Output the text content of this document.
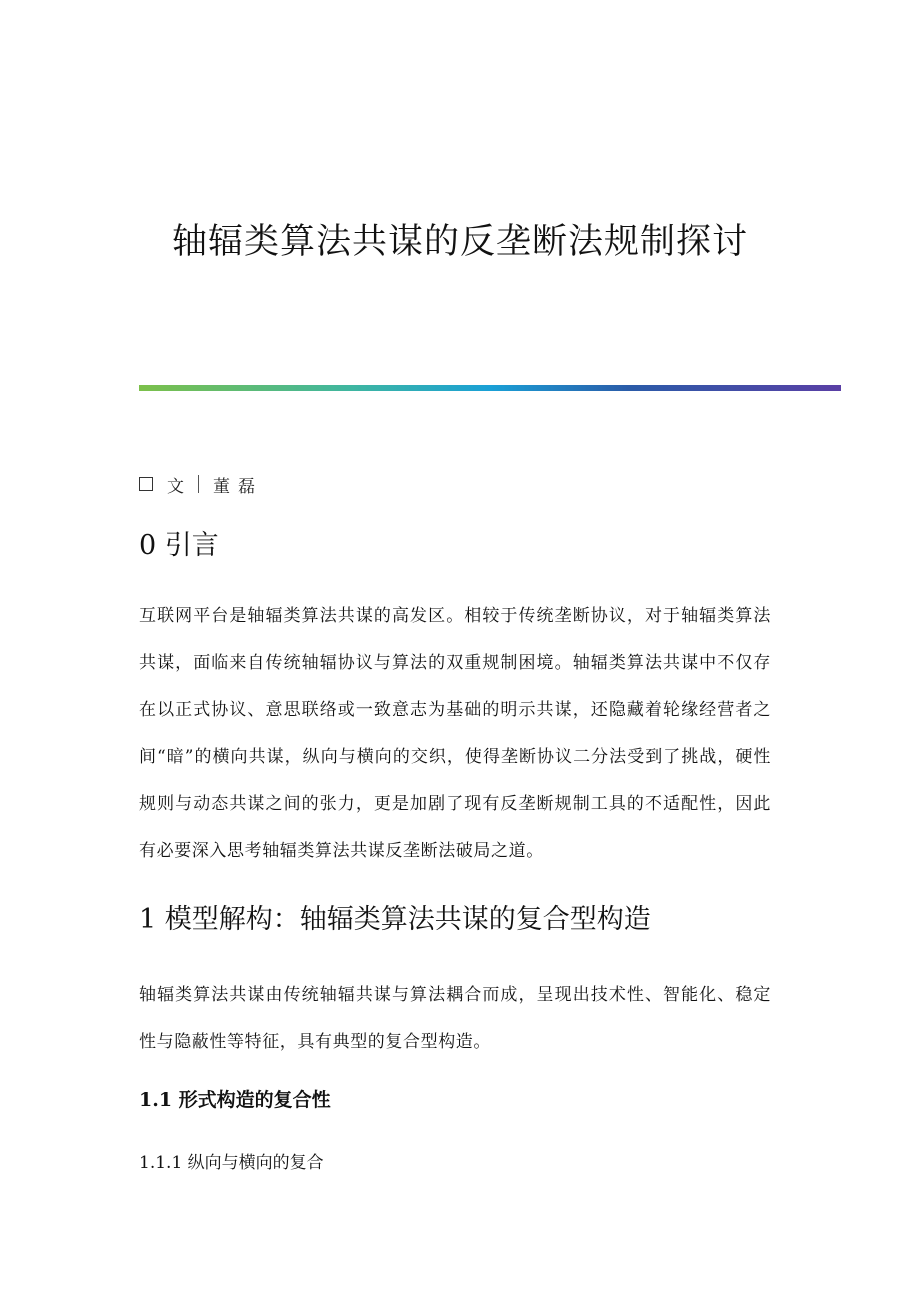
轴辐类算法共谋的反垄断法规制探讨
文 董磊
0 引言

互联网平台是轴辐类算法共谋的高发区。相较于传统垄断协议，对于轴辐类算法共谋，面临来自传统轴辐协议与算法的双重规制困境。轴辐类算法共谋中不仅存在以正式协议、意思联络或一致意志为基础的明示共谋，还隐藏着轮缘经营者之间“暗”的横向共谋，纵向与横向的交织，使得垄断协议二分法受到了挑战，硬性规则与动态共谋之间的张力，更是加剧了现有反垄断规制工具的不适配性，因此有必要深入思考轴辐类算法共谋反垄断法破局之道。

1 模型解构：轴辐类算法共谋的复合型构造

轴辐类算法共谋由传统轴辐共谋与算法耦合而成，呈现出技术性、智能化、稳定性与隐蔽性等特征，具有典型的复合型构造。

1.1 形式构造的复合性
1.1.1 纵向与横向的复合
